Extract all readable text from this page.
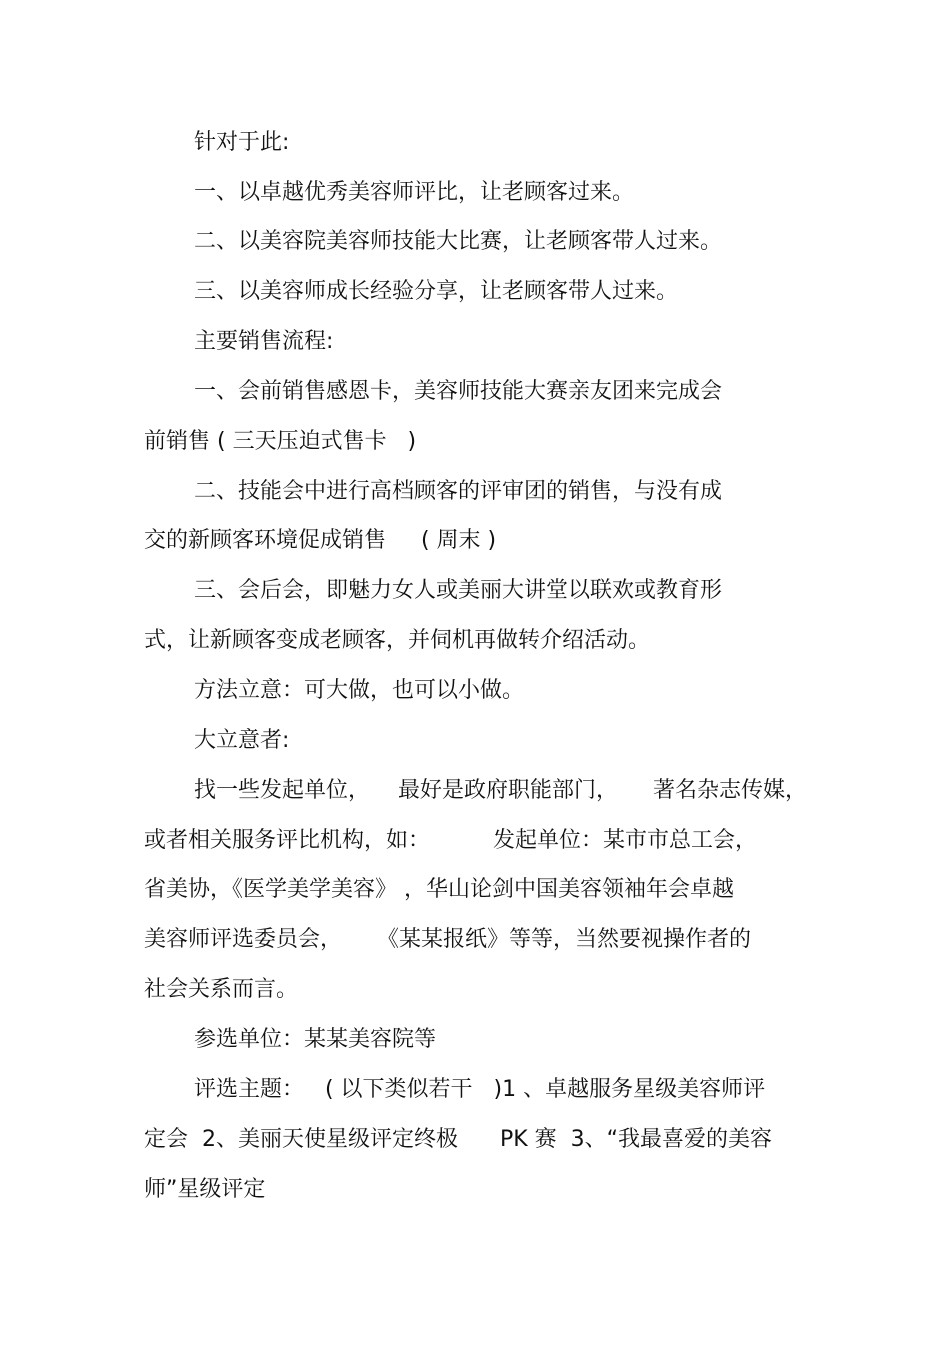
针对于此:
一、以卓越优秀美容师评比，让老顾客过来。
二、以美容院美容师技能大比赛，让老顾客带人过来。
三、以美容师成长经验分享，让老顾客带人过来。
主要销售流程:
一、会前销售感恩卡，美容师技能大赛亲友团来完成会
前销售 ( 三天压迫式售卡   )
二、技能会中进行高档顾客的评审团的销售，与没有成
交的新顾客环境促成销售     ( 周末 )
三、会后会，即魅力女人或美丽大讲堂以联欢或教育形
式，让新顾客变成老顾客，并伺机再做转介绍活动。
方法立意：可大做，也可以小做。
大立意者:
找一些发起单位，    最好是政府职能部门，     著名杂志传媒，
或者相关服务评比机构，如：         发起单位：某市市总工会，
省美协，《医学美学美容》 ，华山论剑中国美容领袖年会卓越
美容师评选委员会，     《某某报纸》等等，当然要视操作者的
社会关系而言。
参选单位：某某美容院等
评选主题：   ( 以下类似若干   )1 、卓越服务星级美容师评
定会  2、美丽天使星级评定终极      PK 赛  3、“我最喜爱的美容
师”星级评定
